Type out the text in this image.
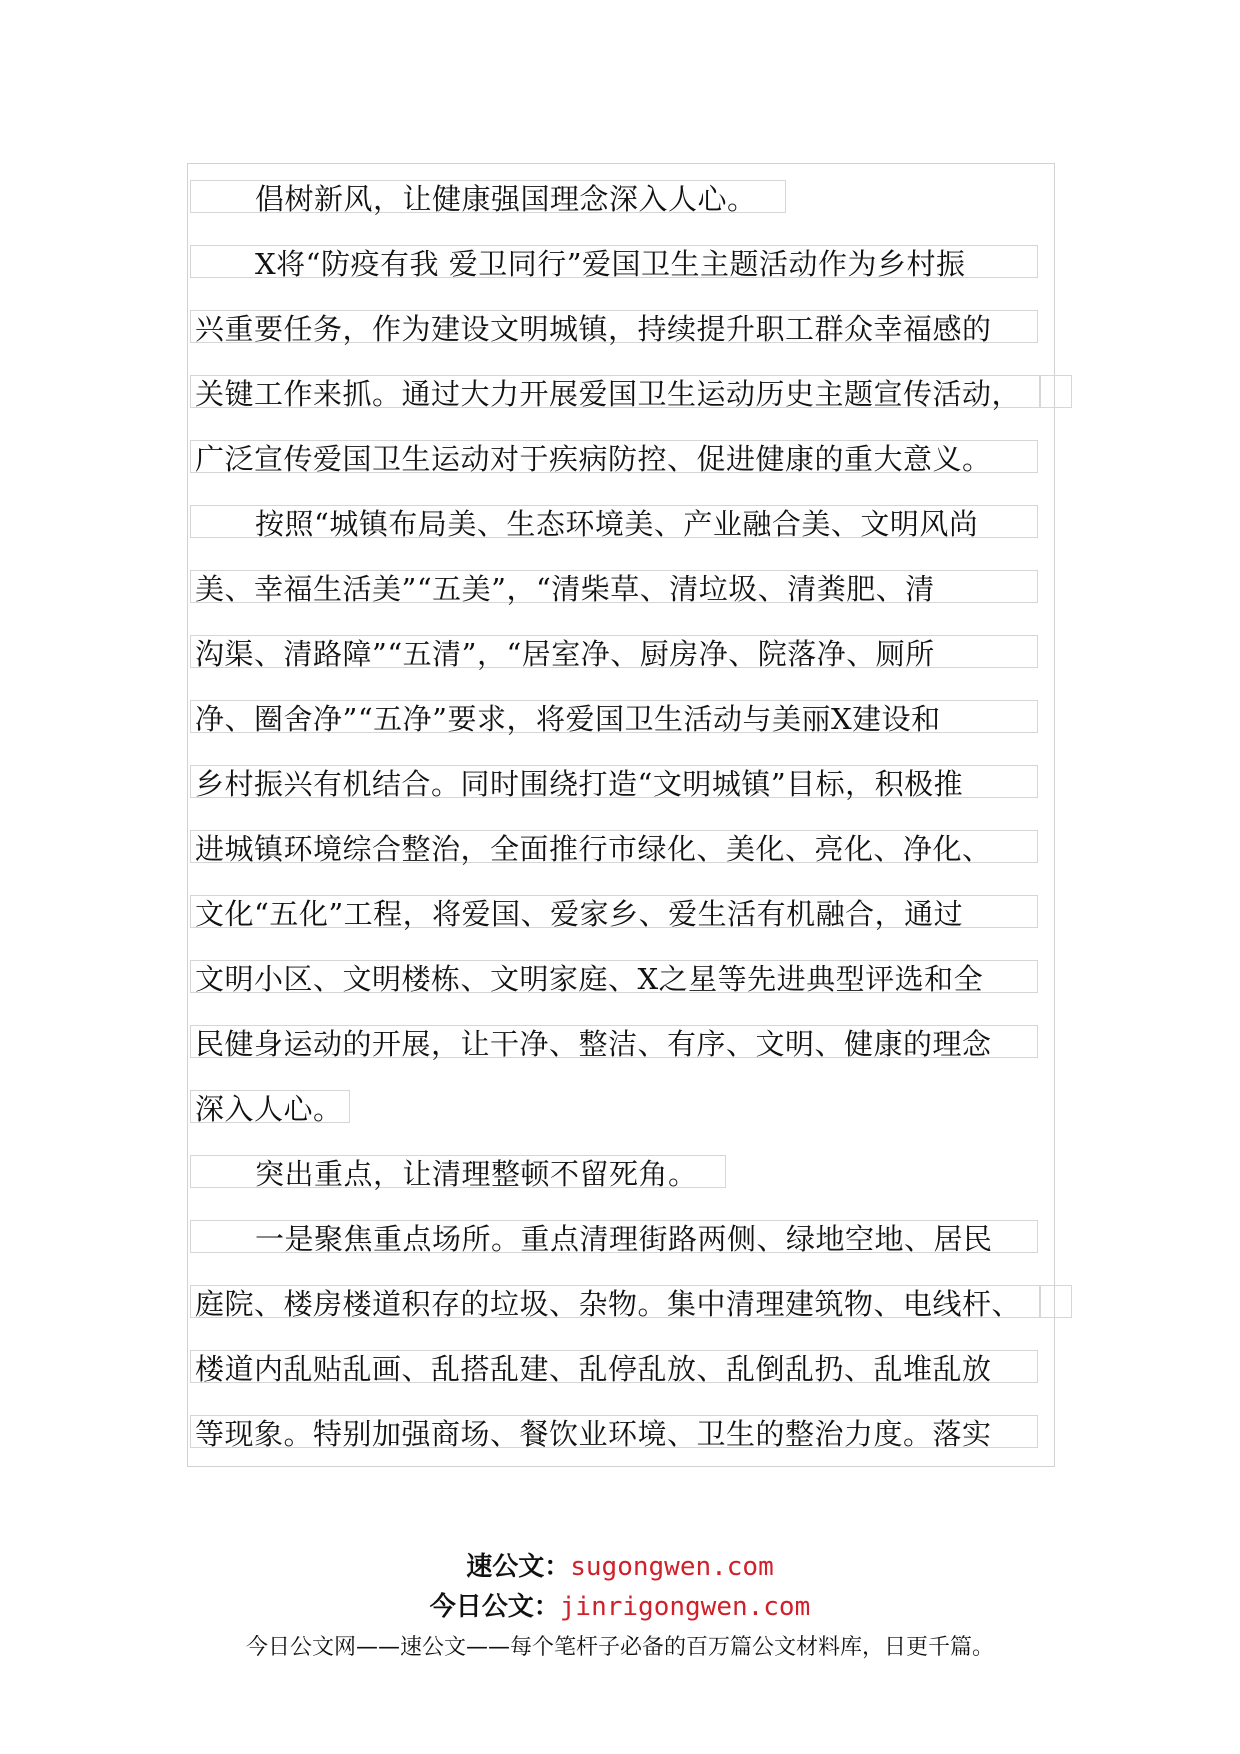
倡树新风，让健康强国理念深入人心。
X将“防疫有我 爱卫同行”爱国卫生主题活动作为乡村振
兴重要任务，作为建设文明城镇，持续提升职工群众幸福感的
关键工作来抓。通过大力开展爱国卫生运动历史主题宣传活动，
广泛宣传爱国卫生运动对于疾病防控、促进健康的重大意义。
按照“城镇布局美、生态环境美、产业融合美、文明风尚
美、幸福生活美”“五美”，“清柴草、清垃圾、清粪肥、清
沟渠、清路障”“五清”，“居室净、厨房净、院落净、厕所
净、圈舍净”“五净”要求，将爱国卫生活动与美丽X建设和
乡村振兴有机结合。同时围绕打造“文明城镇”目标，积极推
进城镇环境综合整治，全面推行市绿化、美化、亮化、净化、
文化“五化”工程，将爱国、爱家乡、爱生活有机融合，通过
文明小区、文明楼栋、文明家庭、X之星等先进典型评选和全
民健身运动的开展，让干净、整洁、有序、文明、健康的理念
深入人心。
突出重点，让清理整顿不留死角。
一是聚焦重点场所。重点清理街路两侧、绿地空地、居民
庭院、楼房楼道积存的垃圾、杂物。集中清理建筑物、电线杆、
楼道内乱贴乱画、乱搭乱建、乱停乱放、乱倒乱扔、乱堆乱放
等现象。特别加强商场、餐饮业环境、卫生的整治力度。落实
速公文：sugongwen.com
今日公文：jinrigongwen.com
今日公文网——速公文——每个笔杆子必备的百万篇公文材料库，日更千篇。
